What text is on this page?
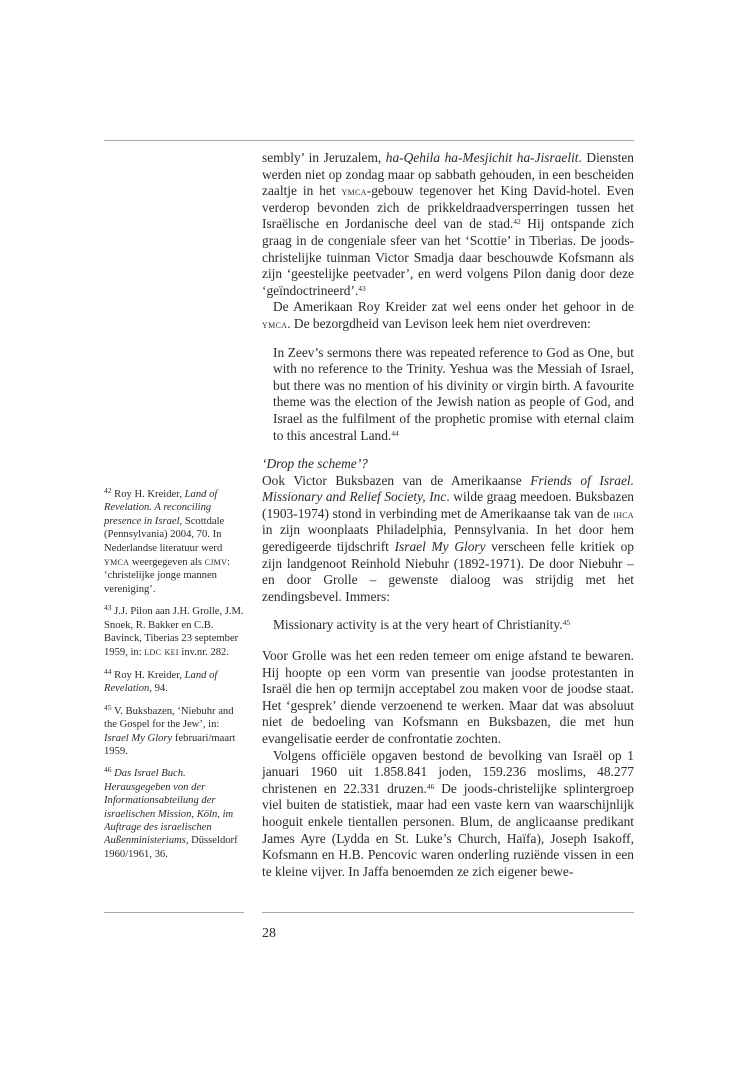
sembly’ in Jeruzalem, ha-Qehila ha-Mesjichit ha-Jisraelit. Diensten werden niet op zondag maar op sabbath gehouden, in een bescheiden zaaltje in het ymca-gebouw tegenover het King David-hotel. Even verderop bevonden zich de prikkeldraadversperringen tussen het Israëlische en Jordanische deel van de stad.$^{42}$ Hij ontspande zich graag in de congeniale sfeer van het ‘Scottie’ in Tiberias. De joods-christelijke tuinman Victor Smadja daar beschouwde Kofsmann als zijn ‘geestelijke peetvader’, en werd volgens Pilon danig door deze ‘geïndoctrineerd’.$^{43}$

De Amerikaan Roy Kreider zat wel eens onder het gehoor in de ymca. De bezorgdheid van Levison leek hem niet overdreven:

In Zeev’s sermons there was repeated reference to God as One, but with no reference to the Trinity. Yeshua was the Messiah of Israel, but there was no mention of his divinity or virgin birth. A favourite theme was the election of the Jewish nation as people of God, and Israel as the fulfilment of the prophetic promise with eternal claim to this ancestral Land.$^{44}$
‘Drop the scheme’?

Ook Victor Buksbazen van de Amerikaanse Friends of Israel. Missionary and Relief Society, Inc. wilde graag meedoen. Buksbazen (1903-1974) stond in verbinding met de Amerikaanse tak van de ihca in zijn woonplaats Philadelphia, Pennsylvania. In het door hem geredigeerde tijdschrift Israel My Glory verscheen felle kritiek op zijn landgenoot Reinhold Niebuhr (1892-1971). De door Niebuhr – en door Grolle – gewenste dialoog was strijdig met het zendingsbevel. Immers:

Missionary activity is at the very heart of Christianity.$^{45}$

Voor Grolle was het een reden temeer om enige afstand te bewaren. Hij hoopte op een vorm van presentie van joodse protestanten in Israël die hen op termijn acceptabel zou maken voor de joodse staat. Het ‘gesprek’ diende verzoenend te werken. Maar dat was absoluut niet de bedoeling van Kofsmann en Buksbazen, die met hun evangelisatie eerder de confrontatie zochten.

Volgens officiële opgaven bestond de bevolking van Israël op 1 januari 1960 uit 1.858.841 joden, 159.236 moslims, 48.277 christenen en 22.331 druzen.$^{46}$ De joods-christelijke splintergroep viel buiten de statistiek, maar had een vaste kern van waarschijnlijk hooguit enkele tientallen personen. Blum, de anglicaanse predikant James Ayre (Lydda en St. Luke’s Church, Haïfa), Joseph Isakoff, Kofsmann en H.B. Pencovic waren onderling ruziënde vissen in een te kleine vijver. In Jaffa benoemden ze zich eigener bewe-

$^{42}$ Roy H. Kreider, Land of Revelation. A reconciling presence in Israel, Scottdale (Pennsylvania) 2004, 70. In Nederlandse literatuur werd ymca weergegeven als cjmv: ‘christelijke jonge mannen vereniging’.

$^{43}$ J.J. Pilon aan J.H. Grolle, J.M. Snoek, R. Bakker en C.B. Bavinck, Tiberias 23 september 1959, in: ldc kei inv.nr. 282.

$^{44}$ Roy H. Kreider, Land of Revelation, 94.

$^{45}$ V. Buksbazen, ‘Niebuhr and the Gospel for the Jew’, in: Israel My Glory februari/maart 1959.

$^{46}$ Das Israel Buch. Herausgegeben von der Informationsabteilung der israelischen Mission, Köln, im Auftrage des israelischen Außenministeriums, Düsseldorf 1960/1961, 36.

28
